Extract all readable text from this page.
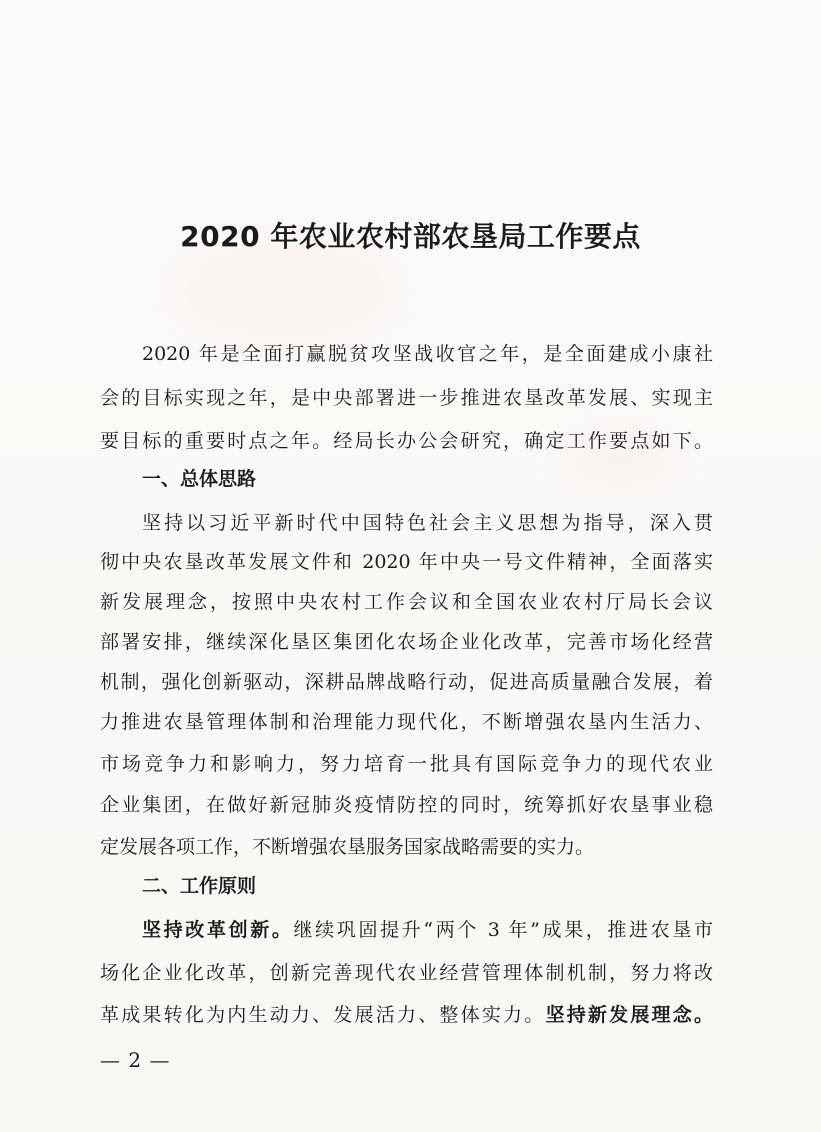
2020 年农业农村部农垦局工作要点
2020 年是全面打赢脱贫攻坚战收官之年，是全面建成小康社
会的目标实现之年，是中央部署进一步推进农垦改革发展、实现主
要目标的重要时点之年。经局长办公会研究，确定工作要点如下。
一、总体思路
坚持以习近平新时代中国特色社会主义思想为指导，深入贯
彻中央农垦改革发展文件和 2020 年中央一号文件精神，全面落实
新发展理念，按照中央农村工作会议和全国农业农村厅局长会议
部署安排，继续深化垦区集团化农场企业化改革，完善市场化经营
机制，强化创新驱动，深耕品牌战略行动，促进高质量融合发展，着
力推进农垦管理体制和治理能力现代化，不断增强农垦内生活力、
市场竞争力和影响力，努力培育一批具有国际竞争力的现代农业
企业集团，在做好新冠肺炎疫情防控的同时，统筹抓好农垦事业稳
定发展各项工作，不断增强农垦服务国家战略需要的实力。
二、工作原则
坚持改革创新。继续巩固提升“两个 3 年”成果，推进农垦市
场化企业化改革，创新完善现代农业经营管理体制机制，努力将改
革成果转化为内生动力、发展活力、整体实力。坚持新发展理念。
— 2 —
